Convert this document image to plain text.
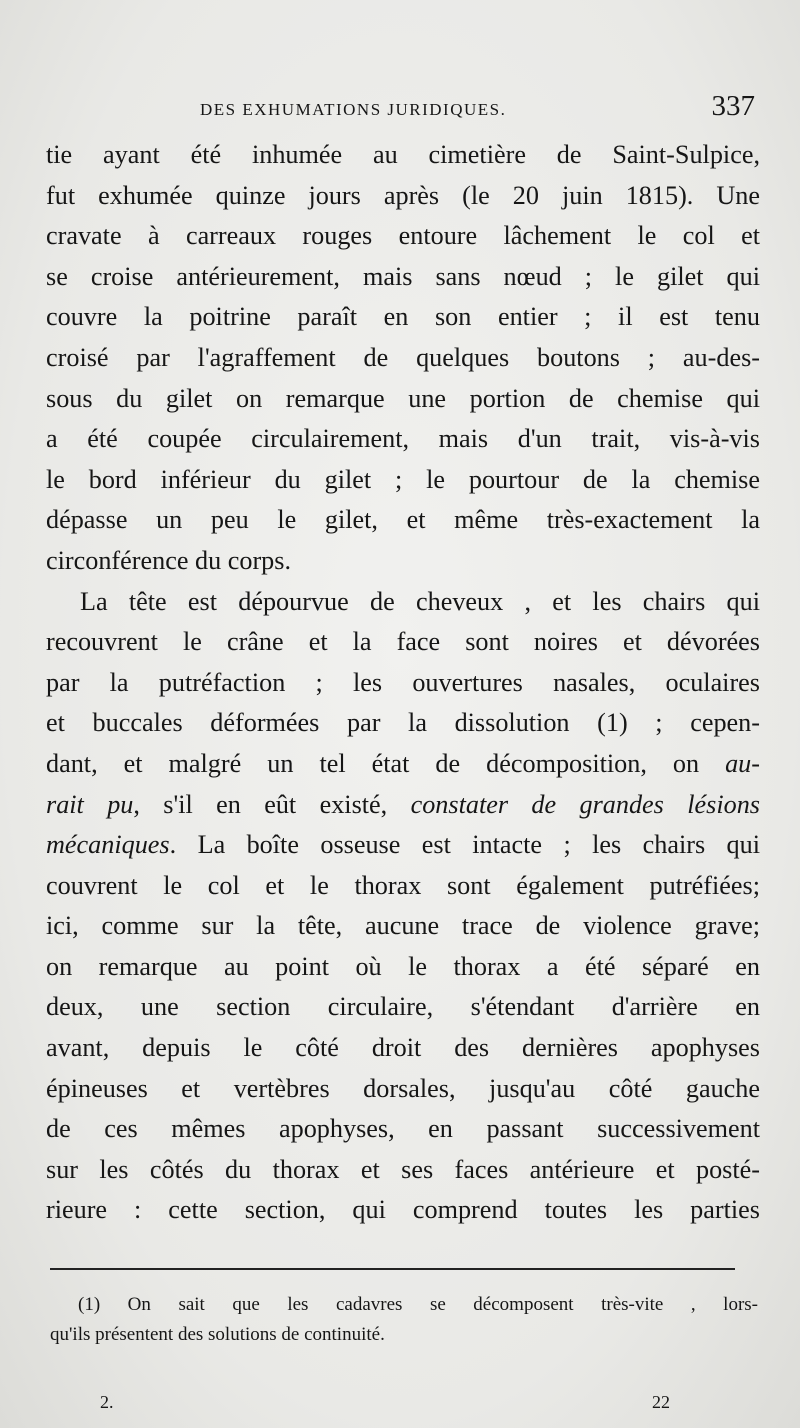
DES EXHUMATIONS JURIDIQUES.	337
tie ayant été inhumée au cimetière de Saint-Sulpice,
fut exhumée quinze jours après (le 20 juin 1815). Une
cravate à carreaux rouges entoure lâchement le col et
se croise antérieurement, mais sans nœud ; le gilet qui
couvre la poitrine paraît en son entier ; il est tenu
croisé par l'agraffement de quelques boutons ; au-des-
sous du gilet on remarque une portion de chemise qui
a été coupée circulairement, mais d'un trait, vis-à-vis
le bord inférieur du gilet ; le pourtour de la chemise
dépasse un peu le gilet, et même très-exactement la
circonférence du corps.
La tête est dépourvue de cheveux , et les chairs qui
recouvrent le crâne et la face sont noires et dévorées
par la putréfaction ; les ouvertures nasales, oculaires
et buccales déformées par la dissolution (1) ; cepen-
dant, et malgré un tel état de décomposition, on au-
rait pu, s'il en eût existé, constater de grandes lésions
mécaniques. La boîte osseuse est intacte ; les chairs qui
couvrent le col et le thorax sont également putréfiées;
ici, comme sur la tête, aucune trace de violence grave;
on remarque au point où le thorax a été séparé en
deux, une section circulaire, s'étendant d'arrière en
avant, depuis le côté droit des dernières apophyses
épineuses et vertèbres dorsales, jusqu'au côté gauche
de ces mêmes apophyses, en passant successivement
sur les côtés du thorax et ses faces antérieure et posté-
rieure : cette section, qui comprend toutes les parties
(1) On sait que les cadavres se décomposent très-vite , lors-
qu'ils présentent des solutions de continuité.
2.	22
